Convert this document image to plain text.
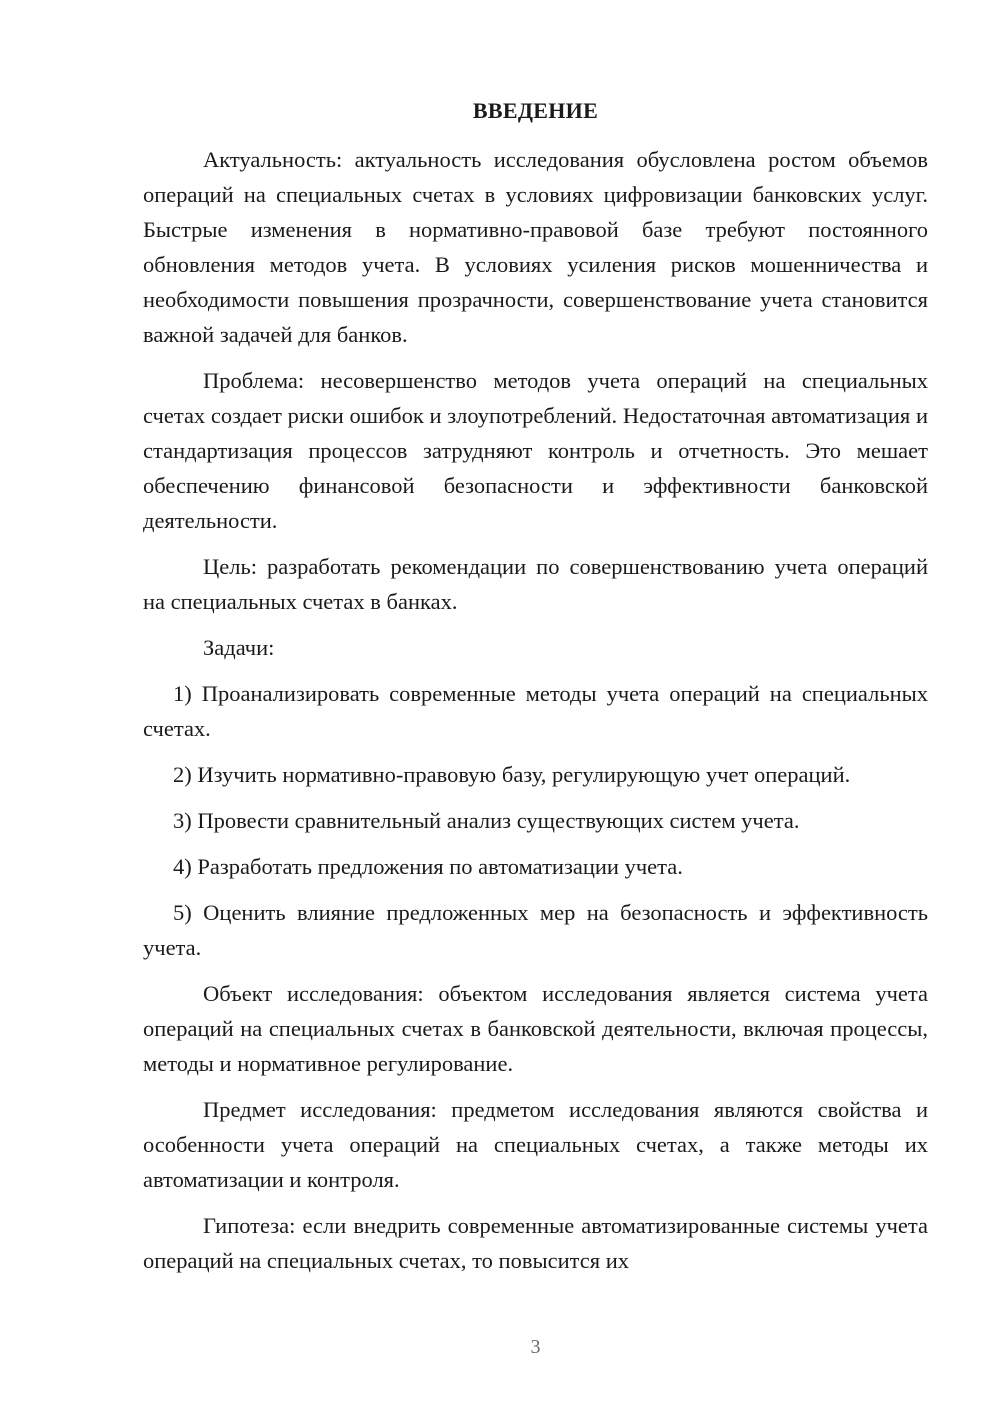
ВВЕДЕНИЕ

Актуальность: актуальность исследования обусловлена ростом объемов операций на специальных счетах в условиях цифровизации банковских услуг. Быстрые изменения в нормативно-правовой базе требуют постоянного обновления методов учета. В условиях усиления рисков мошенничества и необходимости повышения прозрачности, совершенствование учета становится важной задачей для банков.

Проблема: несовершенство методов учета операций на специальных счетах создает риски ошибок и злоупотреблений. Недостаточная автоматизация и стандартизация процессов затрудняют контроль и отчетность. Это мешает обеспечению финансовой безопасности и эффективности банковской деятельности.

Цель: разработать рекомендации по совершенствованию учета операций на специальных счетах в банках.

Задачи:

1) Проанализировать современные методы учета операций на специальных счетах.

2) Изучить нормативно-правовую базу, регулирующую учет операций.

3) Провести сравнительный анализ существующих систем учета.

4) Разработать предложения по автоматизации учета.

5) Оценить влияние предложенных мер на безопасность и эффективность учета.

Объект исследования: объектом исследования является система учета операций на специальных счетах в банковской деятельности, включая процессы, методы и нормативное регулирование.

Предмет исследования: предметом исследования являются свойства и особенности учета операций на специальных счетах, а также методы их автоматизации и контроля.

Гипотеза: если внедрить современные автоматизированные системы учета операций на специальных счетах, то повысится их

3
